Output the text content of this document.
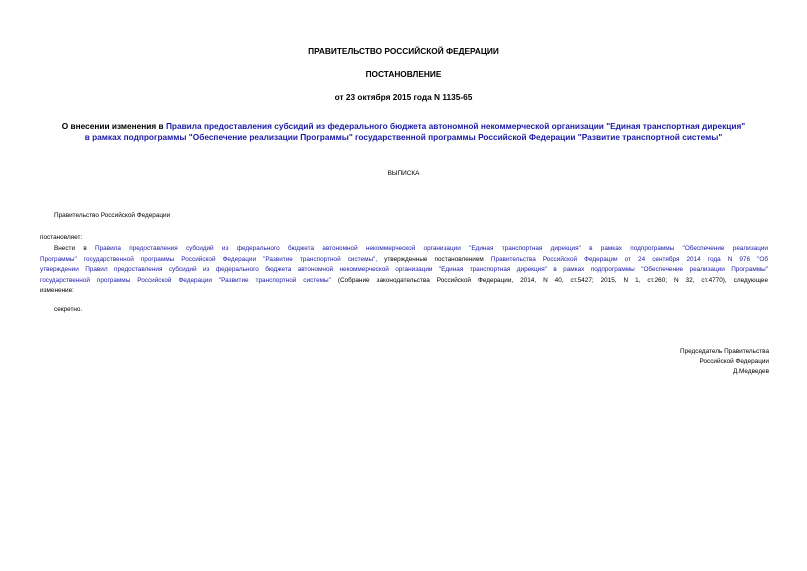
ПРАВИТЕЛЬСТВО РОССИЙСКОЙ ФЕДЕРАЦИИ
ПОСТАНОВЛЕНИЕ
от 23 октября 2015 года N 1135-65
О внесении изменения в Правила предоставления субсидий из федерального бюджета автономной некоммерческой организации "Единая транспортная дирекция"
в рамках подпрограммы "Обеспечение реализации Программы" государственной программы Российской Федерации "Развитие транспортной системы"
ВЫПИСКА
Правительство Российской Федерации
постановляет:
Внести в Правила предоставления субсидий из федерального бюджета автономной некоммерческой организации "Единая транспортная дирекция" в рамках подпрограммы "Обеспечение реализации
Программы" государственной программы Российской Федерации "Развитие транспортной системы", утвержденные постановлением Правительства Российской Федерации от 24 сентября 2014 года N 976 "Об
утверждении Правил предоставления субсидий из федерального бюджета автономной некоммерческой организации "Единая транспортная дирекция" в рамках подпрограммы "Обеспечение реализации Программы"
государственной программы Российской Федерации "Развитие транспортной системы" (Собрание законодательства Российской Федерации, 2014, N 40, ст.5427; 2015, N 1, ст.260; N 32, ст.4770), следующее
изменение:
секретно.
Председатель Правительства
Российской Федерации
Д.Медведев
